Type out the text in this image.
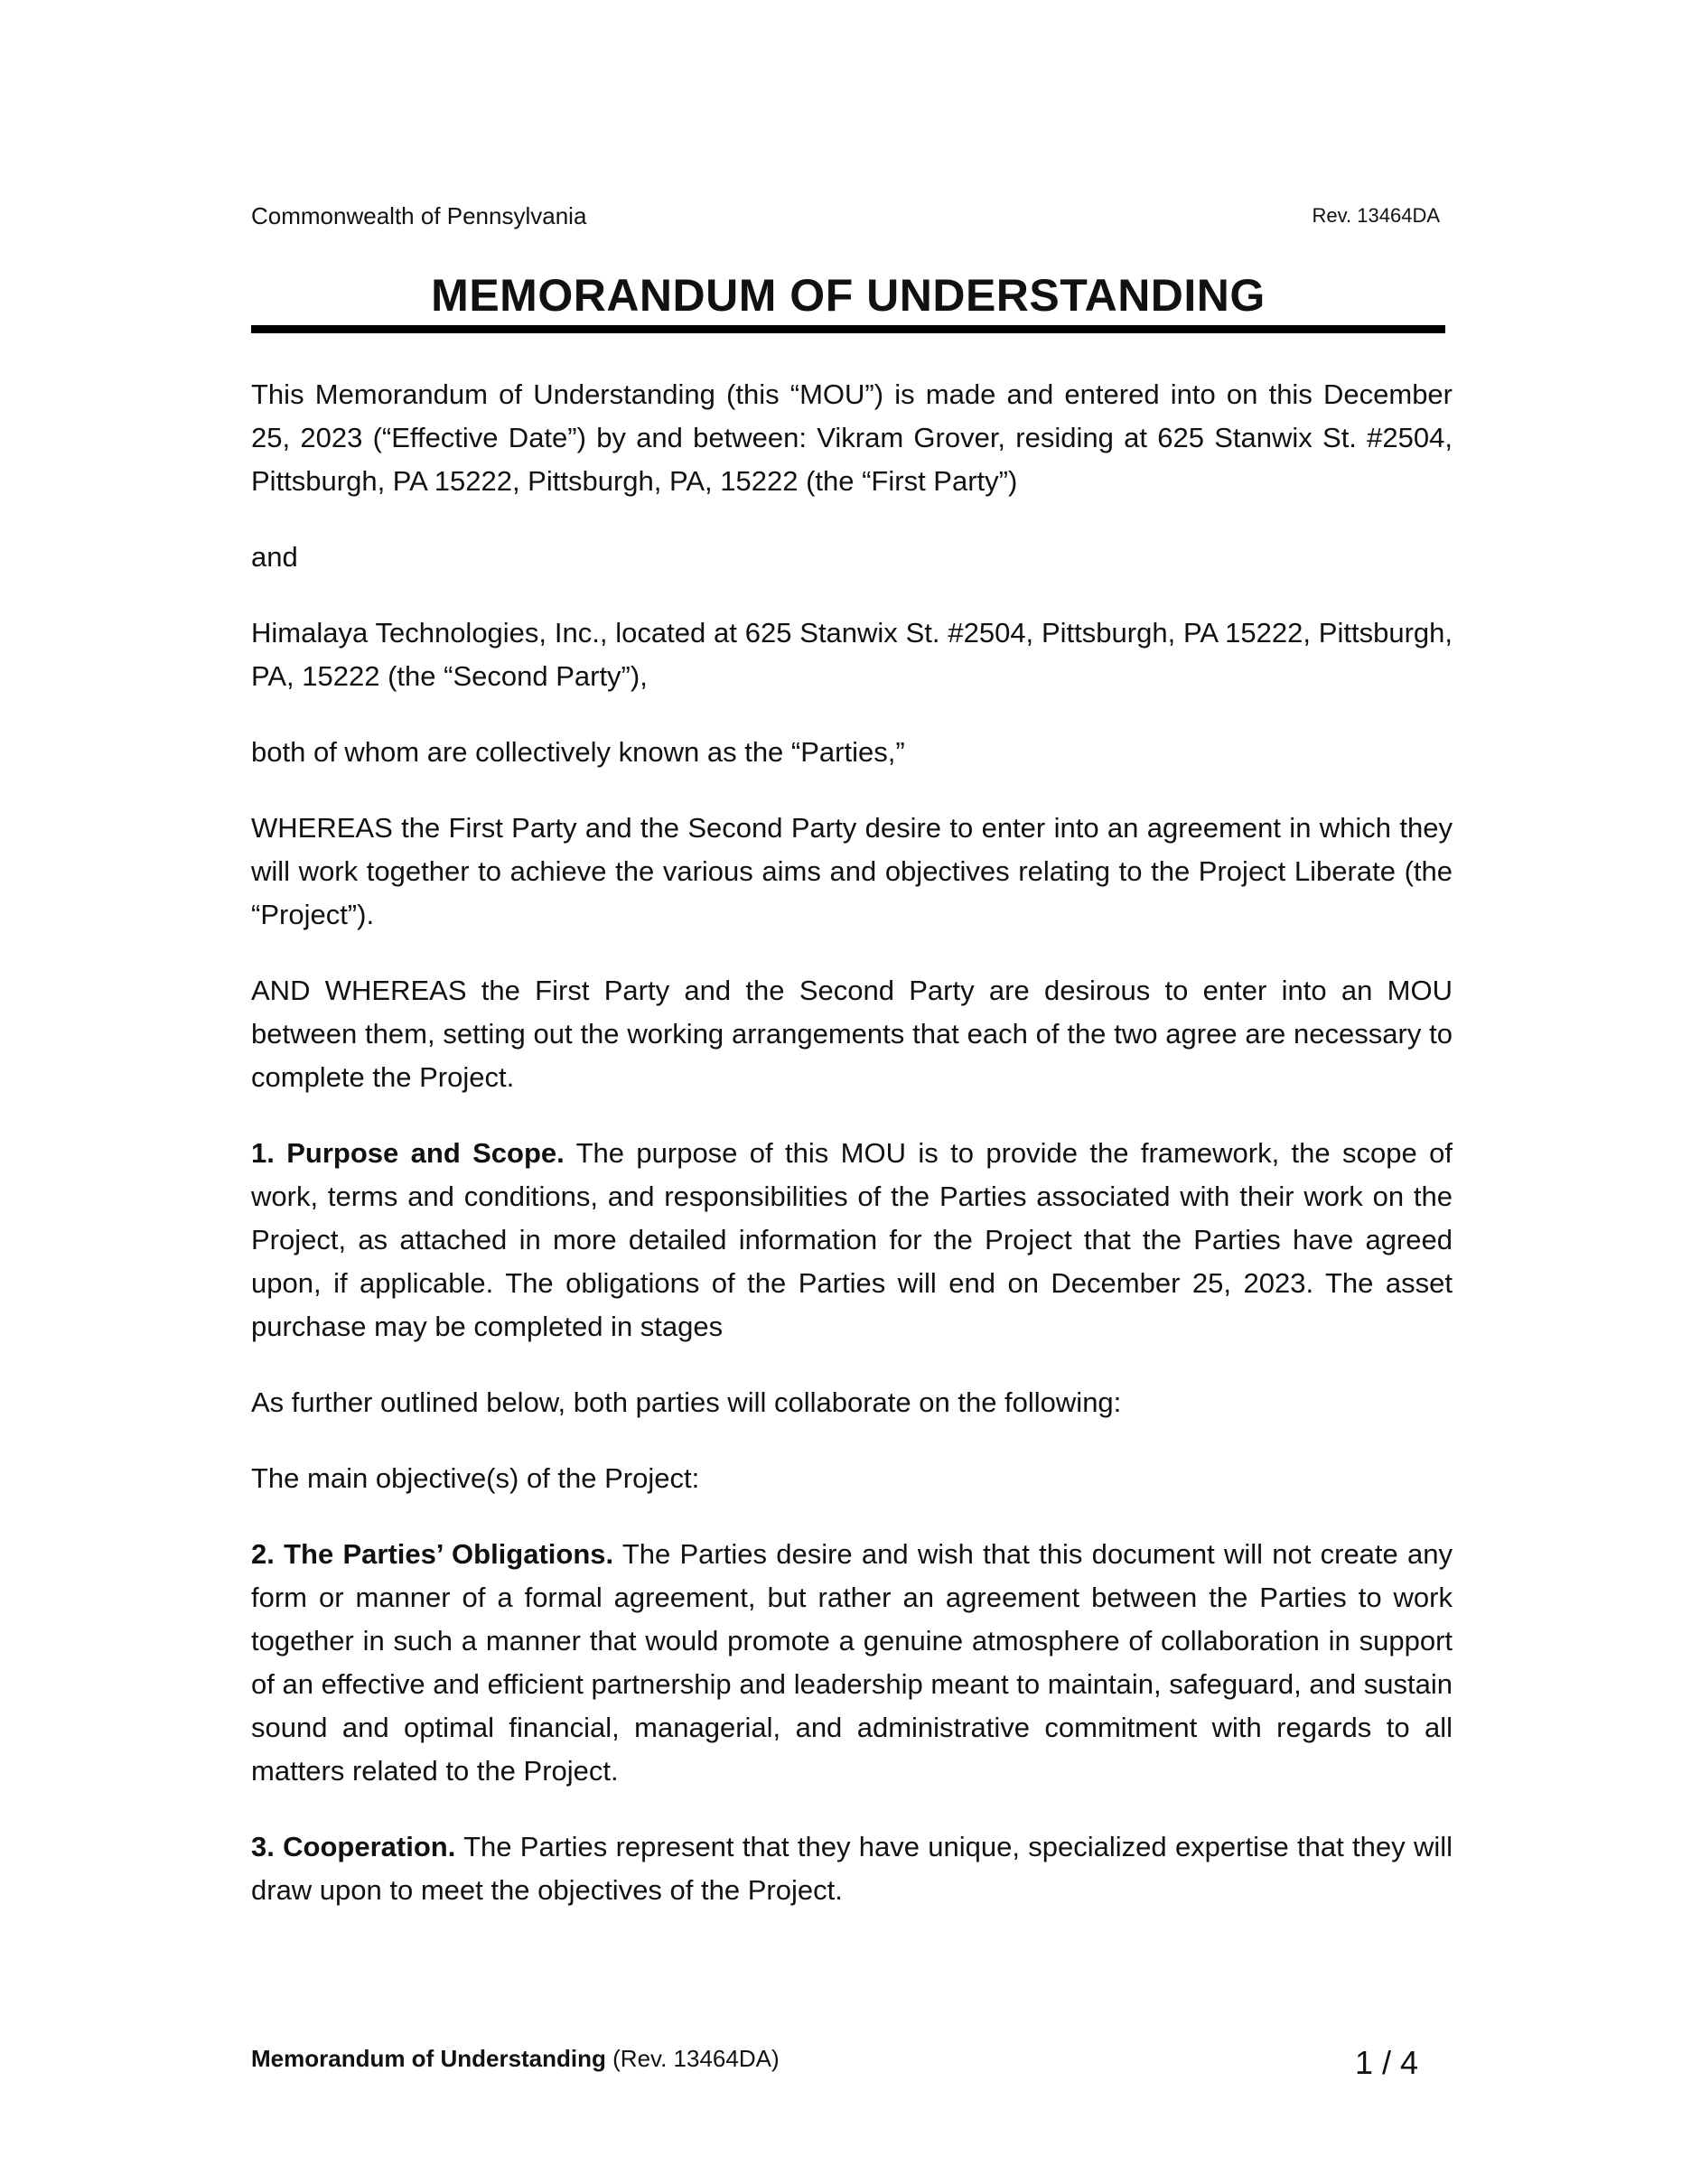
Commonwealth of Pennsylvania	Rev. 13464DA
MEMORANDUM OF UNDERSTANDING

This Memorandum of Understanding (this “MOU”) is made and entered into on this December 25, 2023 (“Effective Date”) by and between: Vikram Grover, residing at 625 Stanwix St. #2504, Pittsburgh, PA 15222, Pittsburgh, PA, 15222 (the “First Party”)

and

Himalaya Technologies, Inc., located at 625 Stanwix St. #2504, Pittsburgh, PA 15222, Pittsburgh, PA, 15222 (the “Second Party”),

both of whom are collectively known as the “Parties,”

WHEREAS the First Party and the Second Party desire to enter into an agreement in which they will work together to achieve the various aims and objectives relating to the Project Liberate (the “Project”).

AND WHEREAS the First Party and the Second Party are desirous to enter into an MOU between them, setting out the working arrangements that each of the two agree are necessary to complete the Project.

1. Purpose and Scope. The purpose of this MOU is to provide the framework, the scope of work, terms and conditions, and responsibilities of the Parties associated with their work on the Project, as attached in more detailed information for the Project that the Parties have agreed upon, if applicable. The obligations of the Parties will end on December 25, 2023. The asset purchase may be completed in stages

As further outlined below, both parties will collaborate on the following:

The main objective(s) of the Project:

2. The Parties’ Obligations. The Parties desire and wish that this document will not create any form or manner of a formal agreement, but rather an agreement between the Parties to work together in such a manner that would promote a genuine atmosphere of collaboration in support of an effective and efficient partnership and leadership meant to maintain, safeguard, and sustain sound and optimal financial, managerial, and administrative commitment with regards to all matters related to the Project.

3. Cooperation. The Parties represent that they have unique, specialized expertise that they will draw upon to meet the objectives of the Project.

Memorandum of Understanding (Rev. 13464DA)	1 / 4
